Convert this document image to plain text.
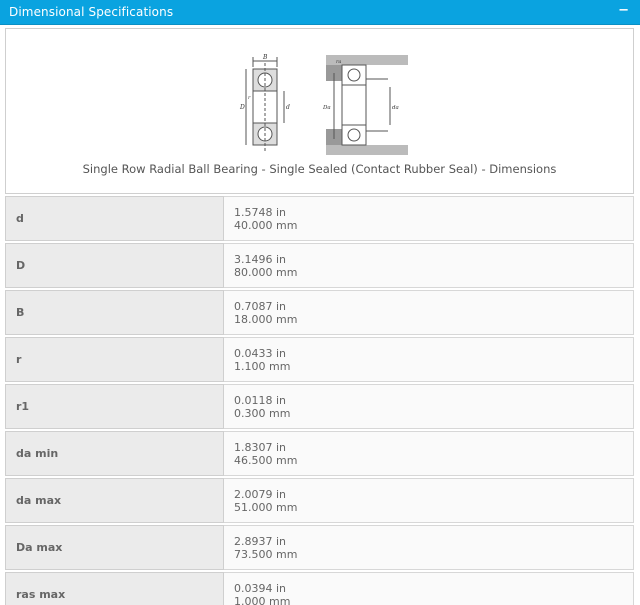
Dimensional Specifications	−
B
D	d
r
Da	da
ra
Single Row Radial Ball Bearing - Single Sealed (Contact Rubber Seal) - Dimensions
d	1.5748 in
40.000 mm

D	3.1496 in
80.000 mm

B	0.7087 in
18.000 mm

r	0.0433 in
1.100 mm

r1	0.0118 in
0.300 mm

da min	1.8307 in
46.500 mm

da max	2.0079 in
51.000 mm

Da max	2.8937 in
73.500 mm

ras max	0.0394 in
1.000 mm
